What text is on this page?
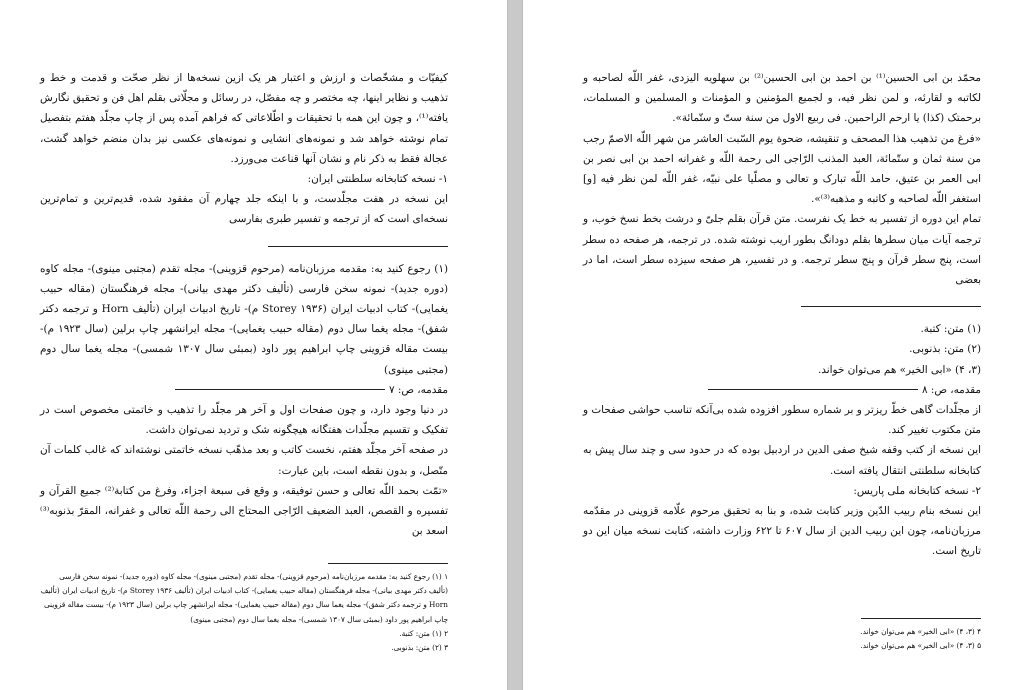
کیفیّات و مشخّصات و ارزش و اعتبار هر یک ازین نسخه‌ها از نظر صحّت و قدمت و خط و تذهیب و نظایر اینها، چه مختصر و چه مفصّل، در رسائل و مجلّاتی بقلم اهل فن و تحقیق نگارش یافته‌⁽¹⁾، و چون این همه با تحقیقات و اطّلاعاتی که فراهم آمده پس از چاپ مجلّد هفتم بتفصیل تمام نوشته خواهد شد و نمونه‌های انشایی و نمونه‌های عکسی نیز بدان منضم خواهد گشت، عجالة فقط به ذکر نام و نشان آنها قناعت می‌ورزد.

۱- نسخه کتابخانه سلطنتی ایران:

این نسخه در هفت مجلّدست، و با اینکه جلد چهارم آن مفقود شده، قدیم‌ترین و تمام‌ترین نسخه‌ای است که از ترجمه و تفسیر طبری بفارسی

(۱) رجوع کنید به: مقدمه مرزبان‌نامه (مرحوم قزوینی)- مجله تقدم (مجتبی مینوی)- مجله کاوه (دوره جدید)- نمونه سخن فارسی (تألیف دکتر مهدی بیانی)- مجله فرهنگستان (مقاله حبیب یغمایی)- کتاب ادبیات ایران (Storey ۱۹۳۶ م)- تاریخ ادبیات ایران (تألیف Horn و ترجمه دکتر شفق)- مجله یغما سال دوم (مقاله حبیب یغمایی)- مجله ایرانشهر چاپ برلین (سال ۱۹۲۳ م)- بیست مقاله قزوینی چاپ ابراهیم پور داود (بمبئی سال ۱۳۰۷ شمسی)- مجله یغما سال دوم (مجتبی مینوی)

مقدمه، ص: ۷

در دنیا وجود دارد، و چون صفحات اول و آخر هر مجلّد را تذهیب و خاتمتی مخصوص است در تفکیک و تقسیم مجلّدات هفتگانه هیچگونه شک و تردید نمی‌توان داشت.

در صفحه آخر مجلّد هفتم، نخست کاتب و بعد مذهّب نسخه خاتمتی نوشته‌اند که غالب کلمات آن متّصل، و بدون نقطه است، باین عبارت:

«تمّت بحمد اللّه تعالی و حسن توفیقه، و وقع فی سبعة اجزاء، وفرغ من کتابة⁽²⁾ جمیع القرآن و تفسیره و القصص، العبد الضعیف الرّاجی المحتاج الی رحمة اللّه تعالی و غفرانه، المقرّ بذنوبه⁽³⁾ اسعد بن

۱ (۱) رجوع کنید به: مقدمه مرزبان‌نامه (مرحوم قزوینی)- مجله تقدم (مجتبی مینوی)- مجله کاوه (دوره جدید)- نمونه سخن فارسی (تألیف دکتر مهدی بیانی)- مجله فرهنگستان (مقاله حبیب یغمایی)- کتاب ادبیات ایران (تألیف Storey ۱۹۳۶ م)- تاریخ ادبیات ایران (تألیف Horn و ترجمه دکتر شفق)- مجله یغما سال دوم (مقاله حبیب یغمایی)- مجله ایرانشهر چاپ برلین (سال ۱۹۲۳ م)- بیست مقاله قزوینی چاپ ابراهیم پور داود (بمبئی سال ۱۳۰۷ شمسی)- مجله یغما سال دوم (مجتبی مینوی)

۲ (۱) متن: کتبة.

۳ (۲) متن: بذنوبی.

محمّد بن ابی الحسین⁽¹⁾ بن احمد بن ابی الحسین⁽²⁾ بن سهلویه الیزدی، غفر اللّه لصاحبه و لکاتبه و لقارئه، و لمن نظر فیه، و لجمیع المؤمنین و المؤمنات و المسلمین و المسلمات، برحمتک (کذا) یا ارحم الراحمین. فی ربیع الاول من سنة ستّ و ستّمائة».

«فرغ من تذهیب هذا المصحف و تنقیشه، ضحوة یوم السّبت العاشر من شهر اللّه الاصمّ رجب من سنة ثمان و ستّمائة، العبد المذنب الرّاجی الی رحمة اللّه و غفرانه احمد بن ابی نصر بن ابی العمر بن عتیق، حامد اللّه تبارک و تعالی و مصلّیا علی نبیّه، غفر اللّه لمن نظر فیه [و] استغفر اللّه لصاحبه و کاتبه و مذهبه⁽³⁾».

تمام این دوره از تفسیر به خط یک نفرست. متن قرآن بقلم جلیّ و درشت بخط نسخ خوب، و ترجمه آیات میان سطرها بقلم دودانگ بطور اریب نوشته شده. در ترجمه، هر صفحه ده سطر است، پنج سطر قرآن و پنج سطر ترجمه. و در تفسیر، هر صفحه سیزده سطر است، اما در بعضی

(۱) متن: کتبة.

(۲) متن: بذنوبی.

(۳، ۴) «ابی الخیر» هم می‌توان خواند.

مقدمه، ص: ۸

از مجلّدات گاهی خطّ ریزتر و بر شماره سطور افزوده شده بی‌آنکه تناسب حواشی صفحات و متن مکتوب تغییر کند.

این نسخه از کتب وقفه شیخ صفی الدین در اردبیل بوده که در حدود سی و چند سال پیش به کتابخانه سلطنتی انتقال یافته است.

۲- نسخه کتابخانه ملی پاریس:

این نسخه بنام ربیب الدّین وزیر کتابت شده، و بنا به تحقیق مرحوم علّامه قزوینی در مقدّمه مرزبان‌نامه، چون این ربیب الدین از سال ۶۰۷ تا ۶۲۲ وزارت داشته، کتابت نسخه میان این دو تاریخ است.

۴ (۳، ۴) «ابی الخیر» هم می‌توان خواند.

۵ (۳، ۴) «ابی الخیر» هم می‌توان خواند.
